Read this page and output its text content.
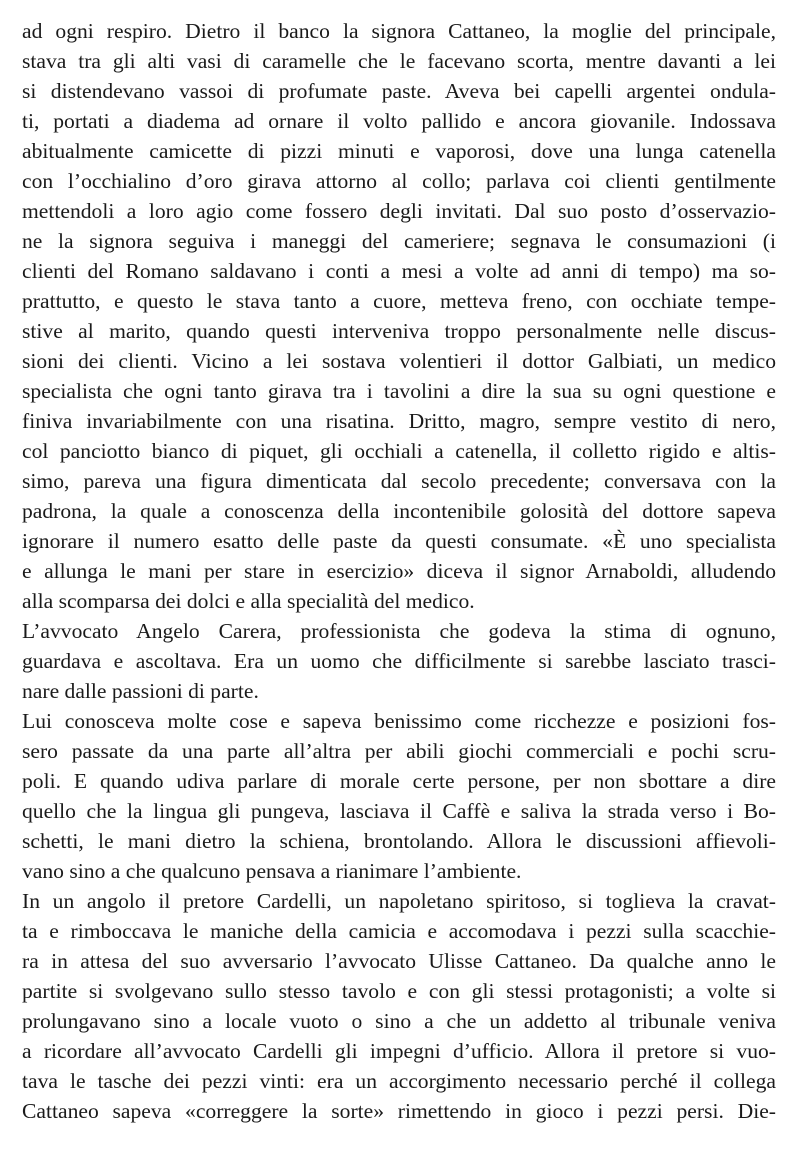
ad ogni respiro. Dietro il banco la signora Cattaneo, la moglie del principale,
stava tra gli alti vasi di caramelle che le facevano scorta, mentre davanti a lei
si distendevano vassoi di profumate paste. Aveva bei capelli argentei ondula-
ti, portati a diadema ad ornare il volto pallido e ancora giovanile. Indossava
abitualmente camicette di pizzi minuti e vaporosi, dove una lunga catenella
con l’occhialino d’oro girava attorno al collo; parlava coi clienti gentilmente
mettendoli a loro agio come fossero degli invitati. Dal suo posto d’osservazio-
ne la signora seguiva i maneggi del cameriere; segnava le consumazioni (i
clienti del Romano saldavano i conti a mesi a volte ad anni di tempo) ma so-
prattutto, e questo le stava tanto a cuore, metteva freno, con occhiate tempe-
stive al marito, quando questi interveniva troppo personalmente nelle discus-
sioni dei clienti. Vicino a lei sostava volentieri il dottor Galbiati, un medico
specialista che ogni tanto girava tra i tavolini a dire la sua su ogni questione e
finiva invariabilmente con una risatina. Dritto, magro, sempre vestito di nero,
col panciotto bianco di piquet, gli occhiali a catenella, il colletto rigido e altis-
simo, pareva una figura dimenticata dal secolo precedente; conversava con la
padrona, la quale a conoscenza della incontenibile golosità del dottore sapeva
ignorare il numero esatto delle paste da questi consumate. «È uno specialista
e allunga le mani per stare in esercizio» diceva il signor Arnaboldi, alludendo
alla scomparsa dei dolci e alla specialità del medico.
L’avvocato Angelo Carera, professionista che godeva la stima di ognuno,
guardava e ascoltava. Era un uomo che difficilmente si sarebbe lasciato trasci-
nare dalle passioni di parte.
Lui conosceva molte cose e sapeva benissimo come ricchezze e posizioni fos-
sero passate da una parte all’altra per abili giochi commerciali e pochi scru-
poli. E quando udiva parlare di morale certe persone, per non sbottare a dire
quello che la lingua gli pungeva, lasciava il Caffè e saliva la strada verso i Bo-
schetti, le mani dietro la schiena, brontolando. Allora le discussioni affievoli-
vano sino a che qualcuno pensava a rianimare l’ambiente.
In un angolo il pretore Cardelli, un napoletano spiritoso, si toglieva la cravat-
ta e rimboccava le maniche della camicia e accomodava i pezzi sulla scacchie-
ra in attesa del suo avversario l’avvocato Ulisse Cattaneo. Da qualche anno le
partite si svolgevano sullo stesso tavolo e con gli stessi protagonisti; a volte si
prolungavano sino a locale vuoto o sino a che un addetto al tribunale veniva
a ricordare all’avvocato Cardelli gli impegni d’ufficio. Allora il pretore si vuo-
tava le tasche dei pezzi vinti: era un accorgimento necessario perché il collega
Cattaneo sapeva «correggere la sorte» rimettendo in gioco i pezzi persi. Die-
